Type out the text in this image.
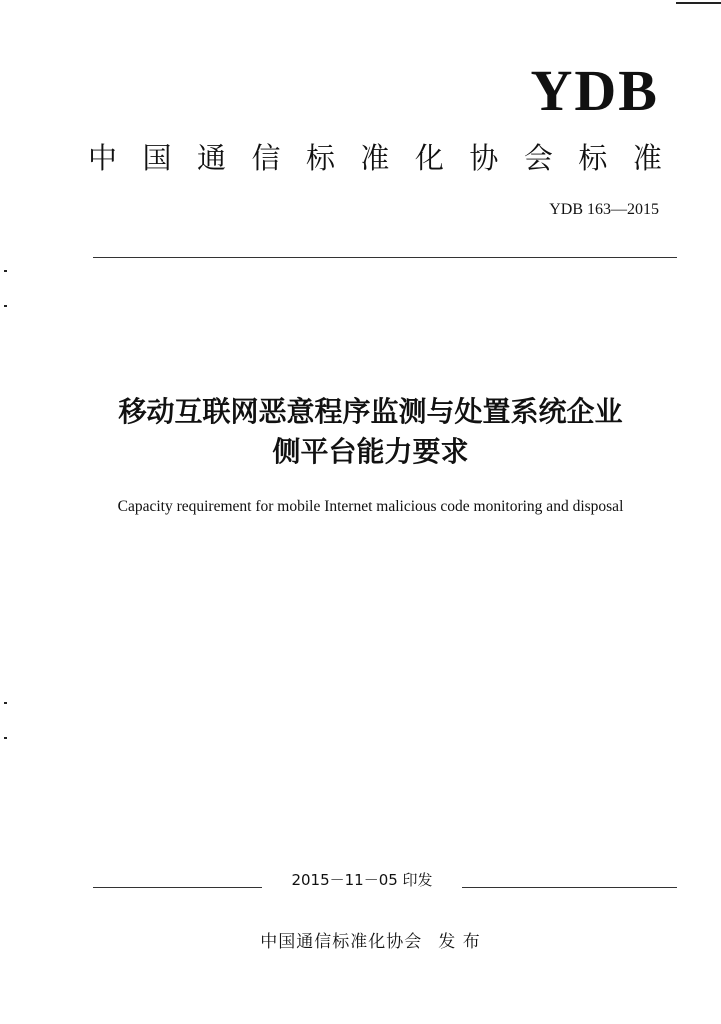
YDB
中 国 通 信 标 准 化 协 会 标 准
YDB 163—2015
移动互联网恶意程序监测与处置系统企业
侧平台能力要求
Capacity requirement for mobile Internet malicious code monitoring and disposal
2015－11－05 印发
中国通信标准化协会 发 布
